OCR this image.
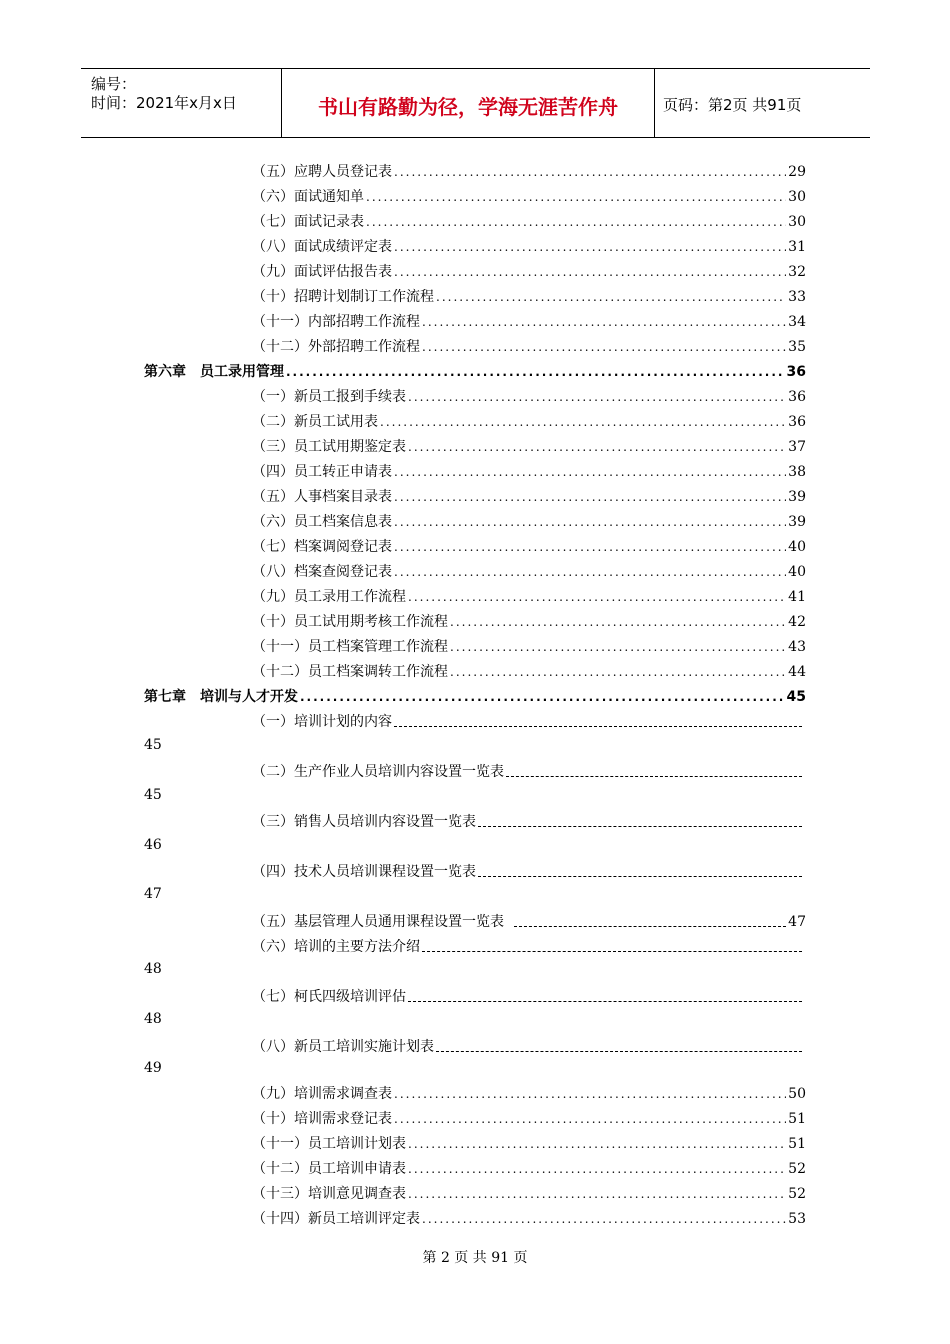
编号：
时间：2021年x月x日	书山有路勤为径，学海无涯苦作舟	页码：第2页 共91页
（五）应聘人员登记表 .....	29
（六）面试通知单 .....	30
（七）面试记录表 .....	30
（八）面试成绩评定表 .....	31
（九）面试评估报告表 .....	32
（十）招聘计划制订工作流程 .....	33
（十一）内部招聘工作流程 .....	34
（十二）外部招聘工作流程 .....	35
第六章　员工录用管理 .....	36
（一）新员工报到手续表 .....	36
（二）新员工试用表 .....	36
（三）员工试用期鉴定表 .....	37
（四）员工转正申请表 .....	38
（五）人事档案目录表 .....	39
（六）员工档案信息表 .....	39
（七）档案调阅登记表 .....	40
（八）档案查阅登记表 .....	40
（九）员工录用工作流程 .....	41
（十）员工试用期考核工作流程 .....	42
（十一）员工档案管理工作流程 .....	43
（十二）员工档案调转工作流程 .....	44
第七章　培训与人才开发 .....	45
（一）培训计划的内容
45
（二）生产作业人员培训内容设置一览表
45
（三）销售人员培训内容设置一览表
46
（四）技术人员培训课程设置一览表
47
（五）基层管理人员通用课程设置一览表	47
（六）培训的主要方法介绍
48
（七）柯氏四级培训评估
48
（八）新员工培训实施计划表
49
（九）培训需求调查表 .....	50
（十）培训需求登记表 .....	51
（十一）员工培训计划表 .....	51
（十二）员工培训申请表 .....	52
（十三）培训意见调查表 .....	52
（十四）新员工培训评定表 .....	53
第 2 页 共 91 页
